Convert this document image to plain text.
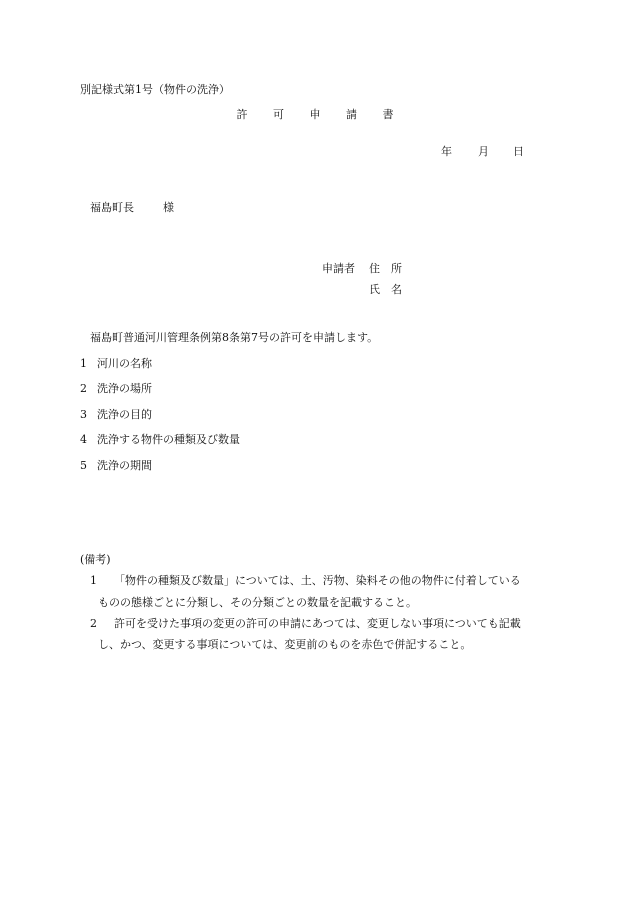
別記様式第1号（物件の洗浄）
許 可 申 請 書
年 月 日
福島町長	様
申請者 住　所
氏　名
福島町普通河川管理条例第8条第7号の許可を申請します。
1 河川の名称
2 洗浄の場所
3 洗浄の目的
4 洗浄する物件の種類及び数量
5 洗浄の期間
(備考)
1 「物件の種類及び数量」については、土、汚物、染料その他の物件に付着している
ものの態様ごとに分類し、その分類ごとの数量を記載すること。
2 許可を受けた事項の変更の許可の申請にあつては、変更しない事項についても記載
し、かつ、変更する事項については、変更前のものを赤色で併記すること。
